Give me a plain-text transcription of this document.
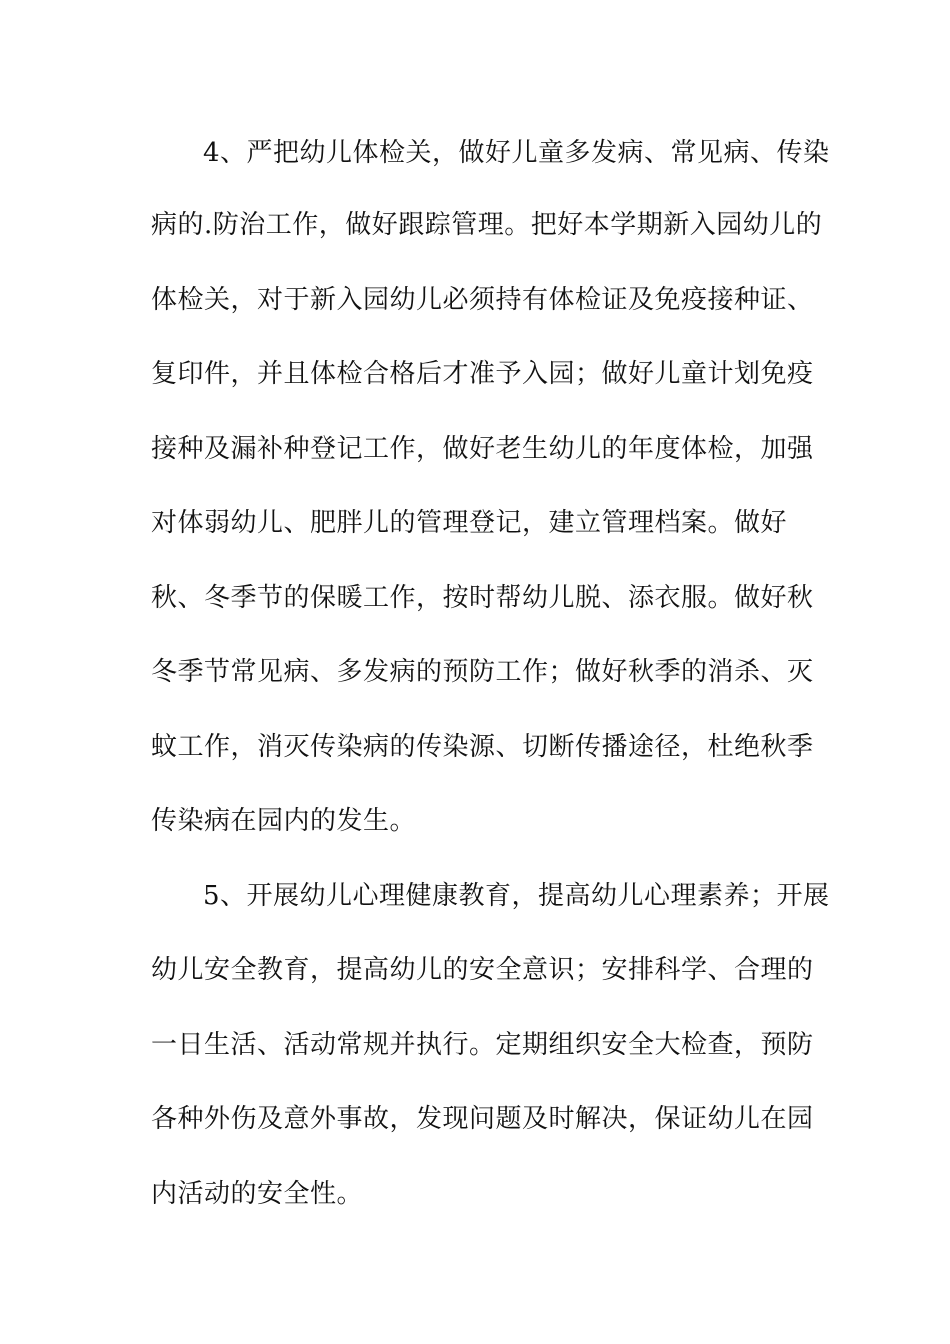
4、严把幼儿体检关，做好儿童多发病、常见病、传染
病的.防治工作，做好跟踪管理。把好本学期新入园幼儿的
体检关，对于新入园幼儿必须持有体检证及免疫接种证、
复印件，并且体检合格后才准予入园；做好儿童计划免疫
接种及漏补种登记工作，做好老生幼儿的年度体检，加强
对体弱幼儿、肥胖儿的管理登记，建立管理档案。做好
秋、冬季节的保暖工作，按时帮幼儿脱、添衣服。做好秋
冬季节常见病、多发病的预防工作；做好秋季的消杀、灭
蚊工作，消灭传染病的传染源、切断传播途径，杜绝秋季
传染病在园内的发生。
5、开展幼儿心理健康教育，提高幼儿心理素养；开展
幼儿安全教育，提高幼儿的安全意识；安排科学、合理的
一日生活、活动常规并执行。定期组织安全大检查，预防
各种外伤及意外事故，发现问题及时解决，保证幼儿在园
内活动的安全性。
